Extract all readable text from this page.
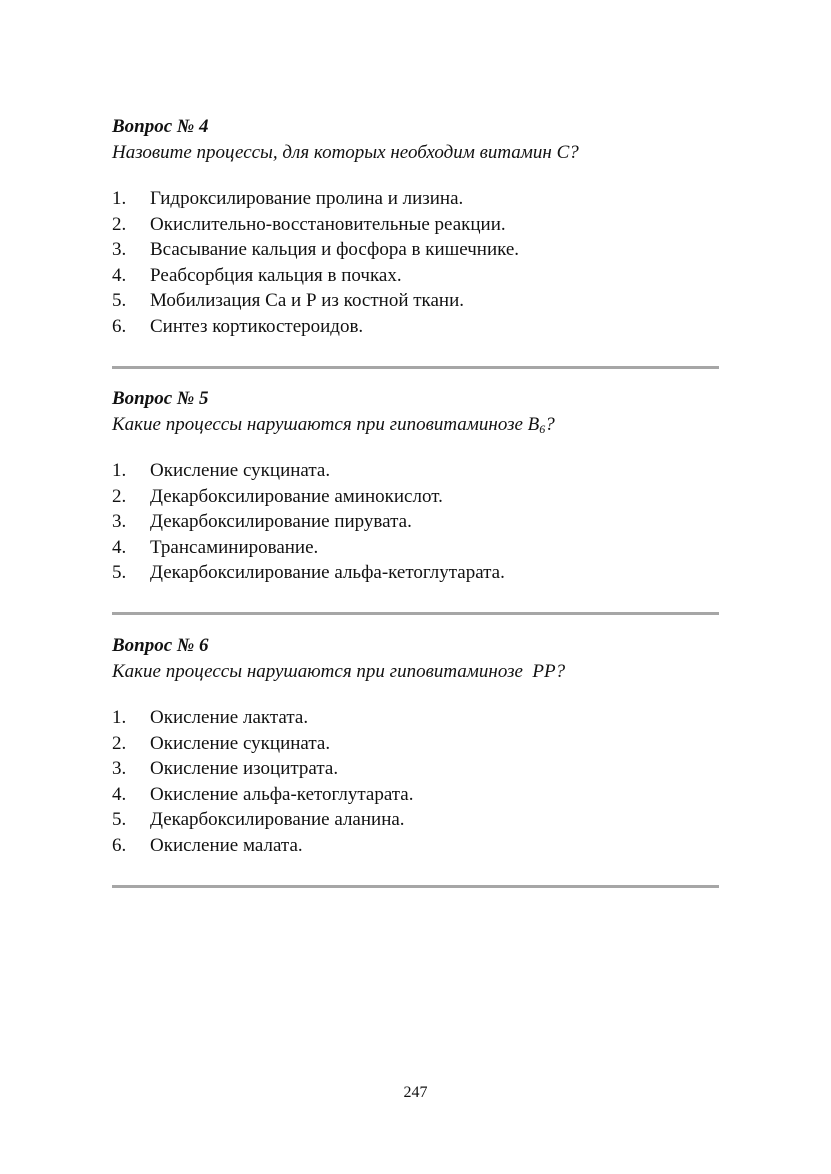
Вопрос № 4
Назовите процессы, для которых необходим витамин С?
1. Гидроксилирование пролина и лизина.
2. Окислительно-восстановительные реакции.
3. Всасывание кальция и фосфора в кишечнике.
4. Реабсорбция кальция в почках.
5. Мобилизация Са и Р из костной ткани.
6. Синтез кортикостероидов.
Вопрос № 5
Какие процессы нарушаются при гиповитаминозе $В_6$?
1. Окисление сукцината.
2. Декарбоксилирование аминокислот.
3. Декарбоксилирование пирувата.
4. Трансаминирование.
5. Декарбоксилирование альфа-кетоглутарата.
Вопрос № 6
Какие процессы нарушаются при гиповитаминозе  РР?
1. Окисление лактата.
2. Окисление сукцината.
3. Окисление изоцитрата.
4. Окисление альфа-кетоглутарата.
5. Декарбоксилирование аланина.
6. Окисление малата.
247
